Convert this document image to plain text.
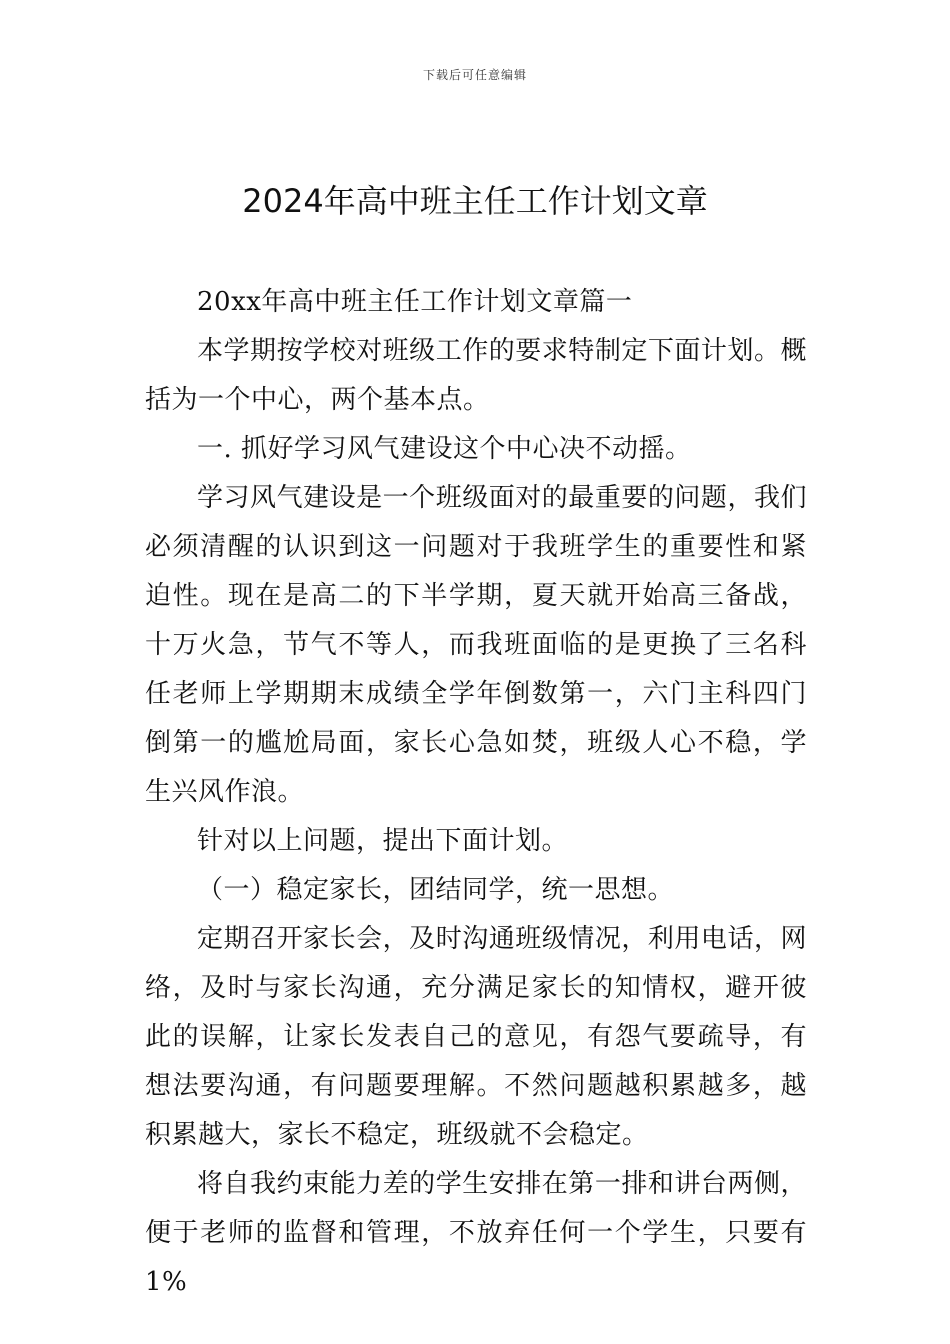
下载后可任意编辑
2024年高中班主任工作计划文章

20xx年高中班主任工作计划文章篇一

本学期按学校对班级工作的要求特制定下面计划。概括为一个中心，两个基本点。

一. 抓好学习风气建设这个中心决不动摇。

学习风气建设是一个班级面对的最重要的问题，我们必须清醒的认识到这一问题对于我班学生的重要性和紧迫性。现在是高二的下半学期，夏天就开始高三备战，十万火急，节气不等人，而我班面临的是更换了三名科任老师上学期期末成绩全学年倒数第一，六门主科四门倒第一的尴尬局面，家长心急如焚，班级人心不稳，学生兴风作浪。

针对以上问题，提出下面计划。

（一）稳定家长，团结同学，统一思想。

定期召开家长会，及时沟通班级情况，利用电话，网络，及时与家长沟通，充分满足家长的知情权，避开彼此的误解，让家长发表自己的意见，有怨气要疏导，有想法要沟通，有问题要理解。不然问题越积累越多，越积累越大，家长不稳定，班级就不会稳定。

将自我约束能力差的学生安排在第一排和讲台两侧，便于老师的监督和管理，不放弃任何一个学生，只要有1%
